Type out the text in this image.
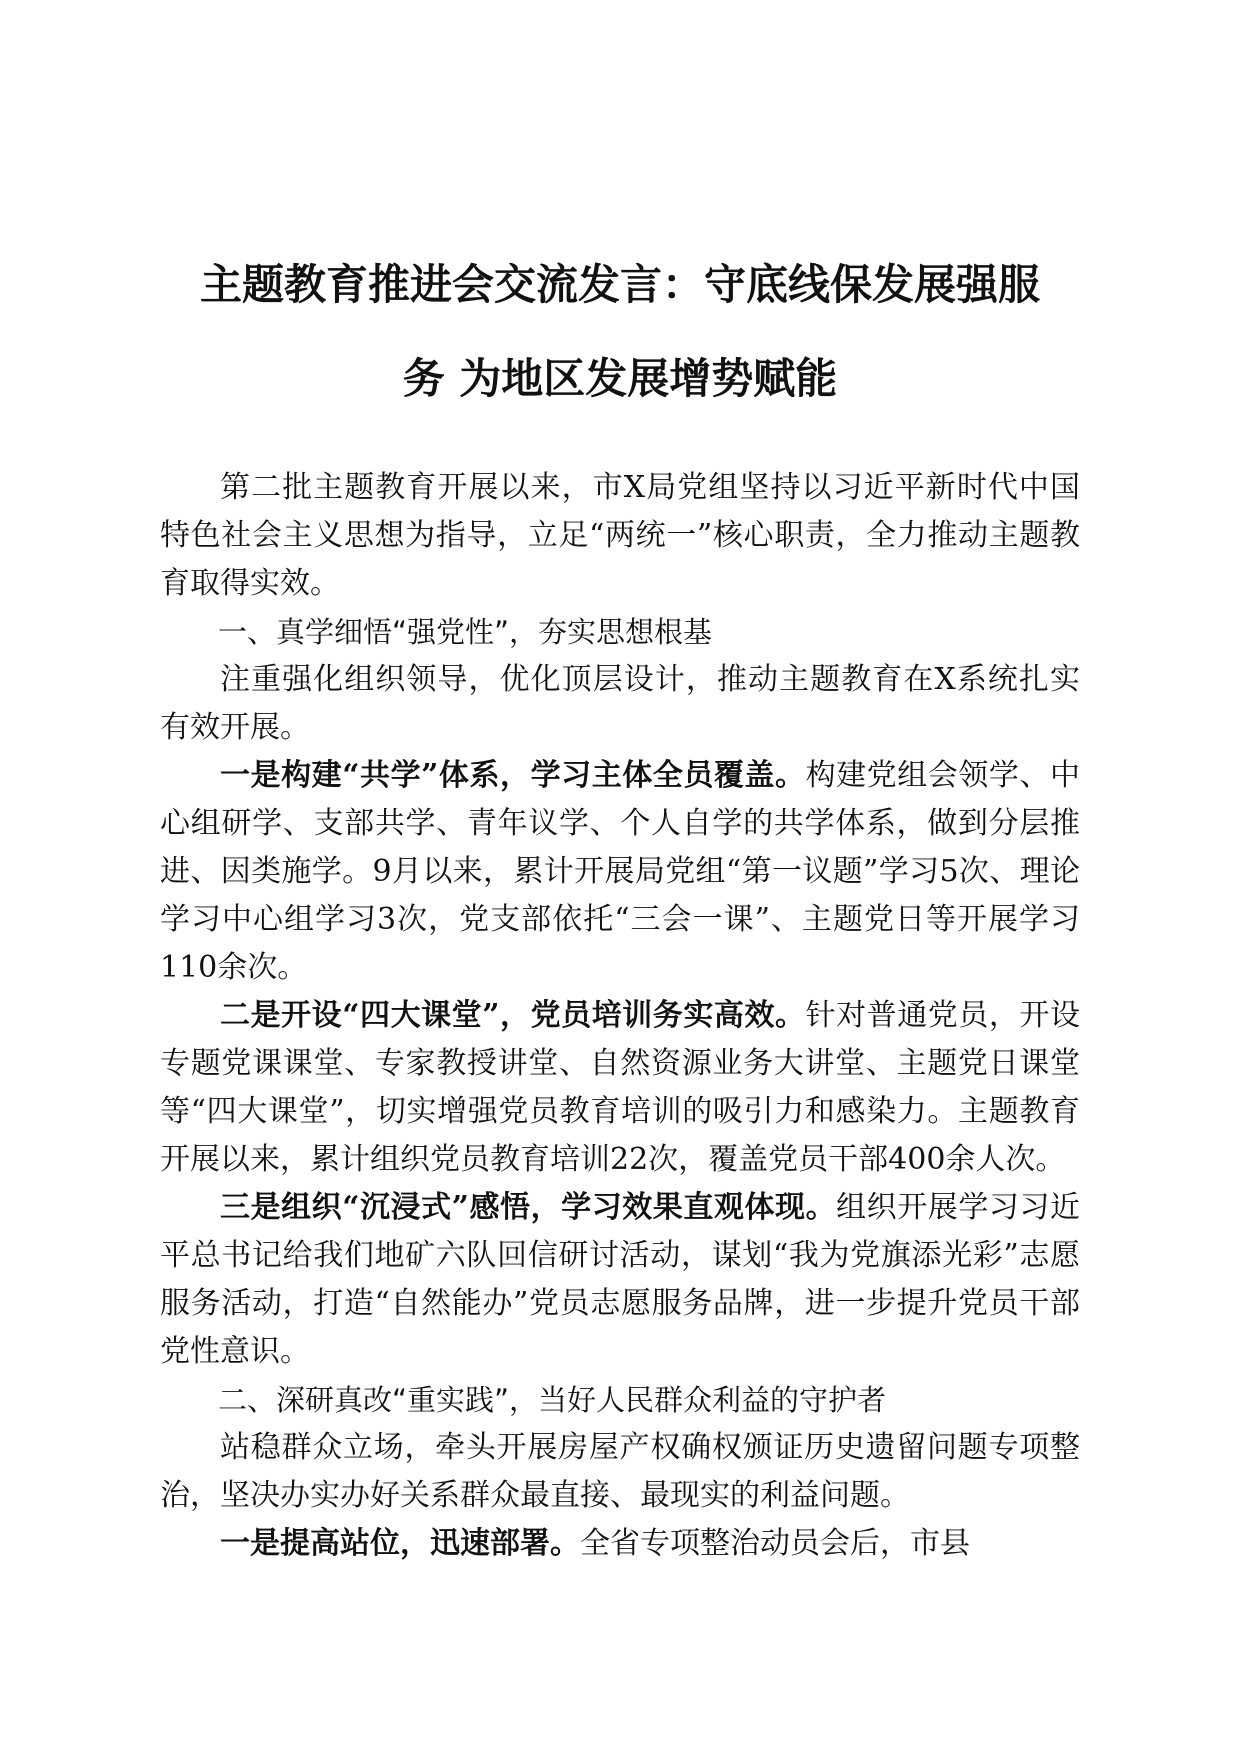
主题教育推进会交流发言：守底线保发展强服
务 为地区发展增势赋能

第二批主题教育开展以来，市X局党组坚持以习近平新时代中国特色社会主义思想为指导，立足“两统一”核心职责，全力推动主题教育取得实效。

一、真学细悟“强党性”，夯实思想根基

注重强化组织领导，优化顶层设计，推动主题教育在X系统扎实有效开展。

一是构建“共学”体系，学习主体全员覆盖。构建党组会领学、中心组研学、支部共学、青年议学、个人自学的共学体系，做到分层推进、因类施学。9月以来，累计开展局党组“第一议题”学习5次、理论学习中心组学习3次，党支部依托“三会一课”、主题党日等开展学习110余次。

二是开设“四大课堂”，党员培训务实高效。针对普通党员，开设专题党课课堂、专家教授讲堂、自然资源业务大讲堂、主题党日课堂等“四大课堂”，切实增强党员教育培训的吸引力和感染力。主题教育开展以来，累计组织党员教育培训22次，覆盖党员干部400余人次。

三是组织“沉浸式”感悟，学习效果直观体现。组织开展学习习近平总书记给我们地矿六队回信研讨活动，谋划“我为党旗添光彩”志愿服务活动，打造“自然能办”党员志愿服务品牌，进一步提升党员干部党性意识。

二、深研真改“重实践”，当好人民群众利益的守护者

站稳群众立场，牵头开展房屋产权确权颁证历史遗留问题专项整治，坚决办实办好关系群众最直接、最现实的利益问题。

一是提高站位，迅速部署。全省专项整治动员会后，市县
